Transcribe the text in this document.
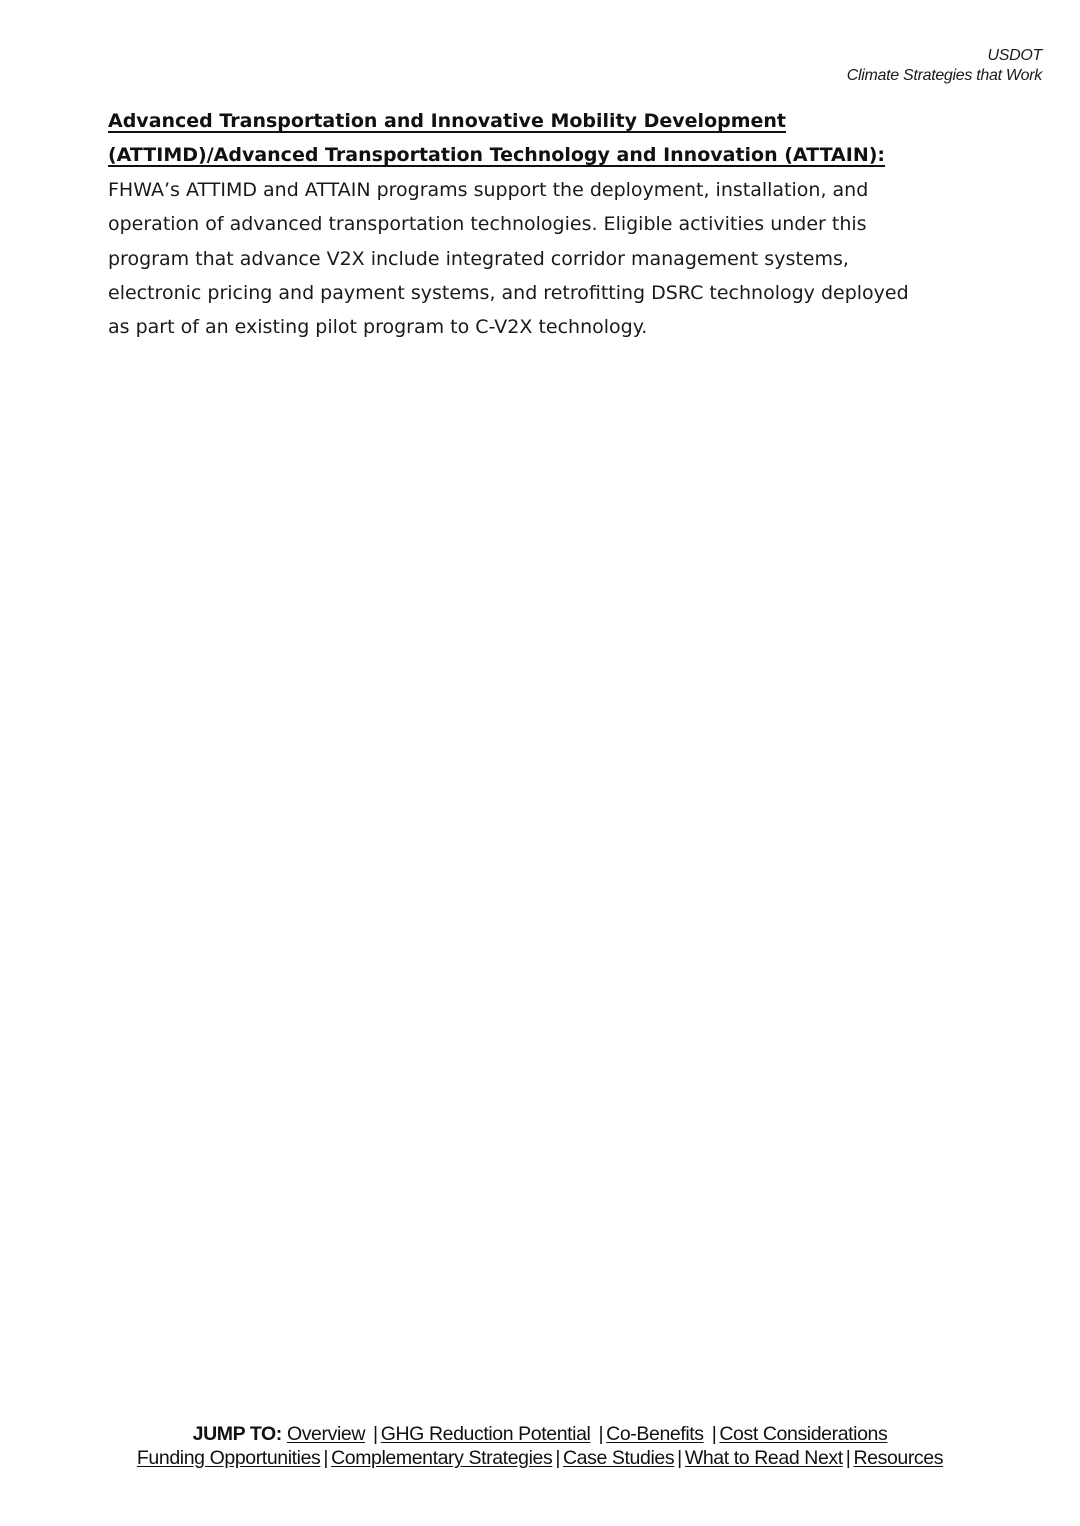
USDOT
Climate Strategies that Work
Advanced Transportation and Innovative Mobility Development
(ATTIMD)/Advanced Transportation Technology and Innovation (ATTAIN):
FHWA’s ATTIMD and ATTAIN programs support the deployment, installation, and
operation of advanced transportation technologies. Eligible activities under this
program that advance V2X include integrated corridor management systems,
electronic pricing and payment systems, and retrofitting DSRC technology deployed
as part of an existing pilot program to C-V2X technology.
JUMP TO: Overview | GHG Reduction Potential | Co-Benefits | Cost Considerations
Funding Opportunities | Complementary Strategies | Case Studies | What to Read Next | Resources
